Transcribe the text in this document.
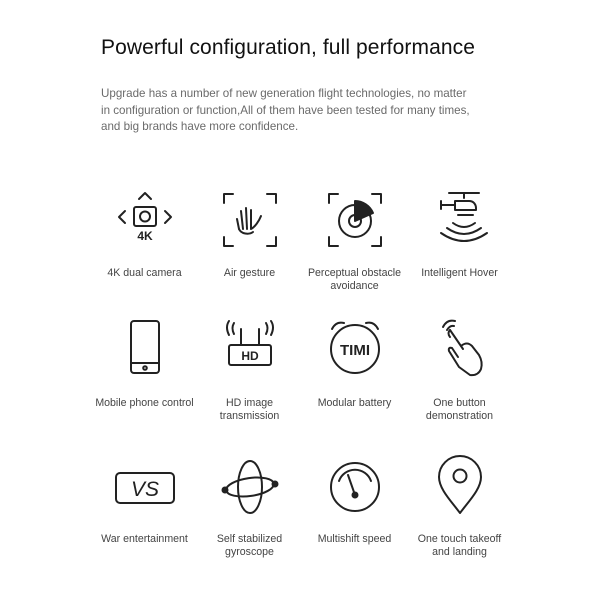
Powerful configuration, full performance
Upgrade has a number of new generation flight technologies, no matter
in configuration or function,All of them have been tested for many times,
and big brands have more confidence.
4K
4K dual camera	Air gesture	Perceptual obstacle
avoidance
Intelligent Hover
Mobile phone control
HD
HD image
transmission
TIMI
Modular battery	One button
demonstration
VS
War entertainment	Self stabilized
gyroscope
Multishift speed	One touch takeoff
and landing
